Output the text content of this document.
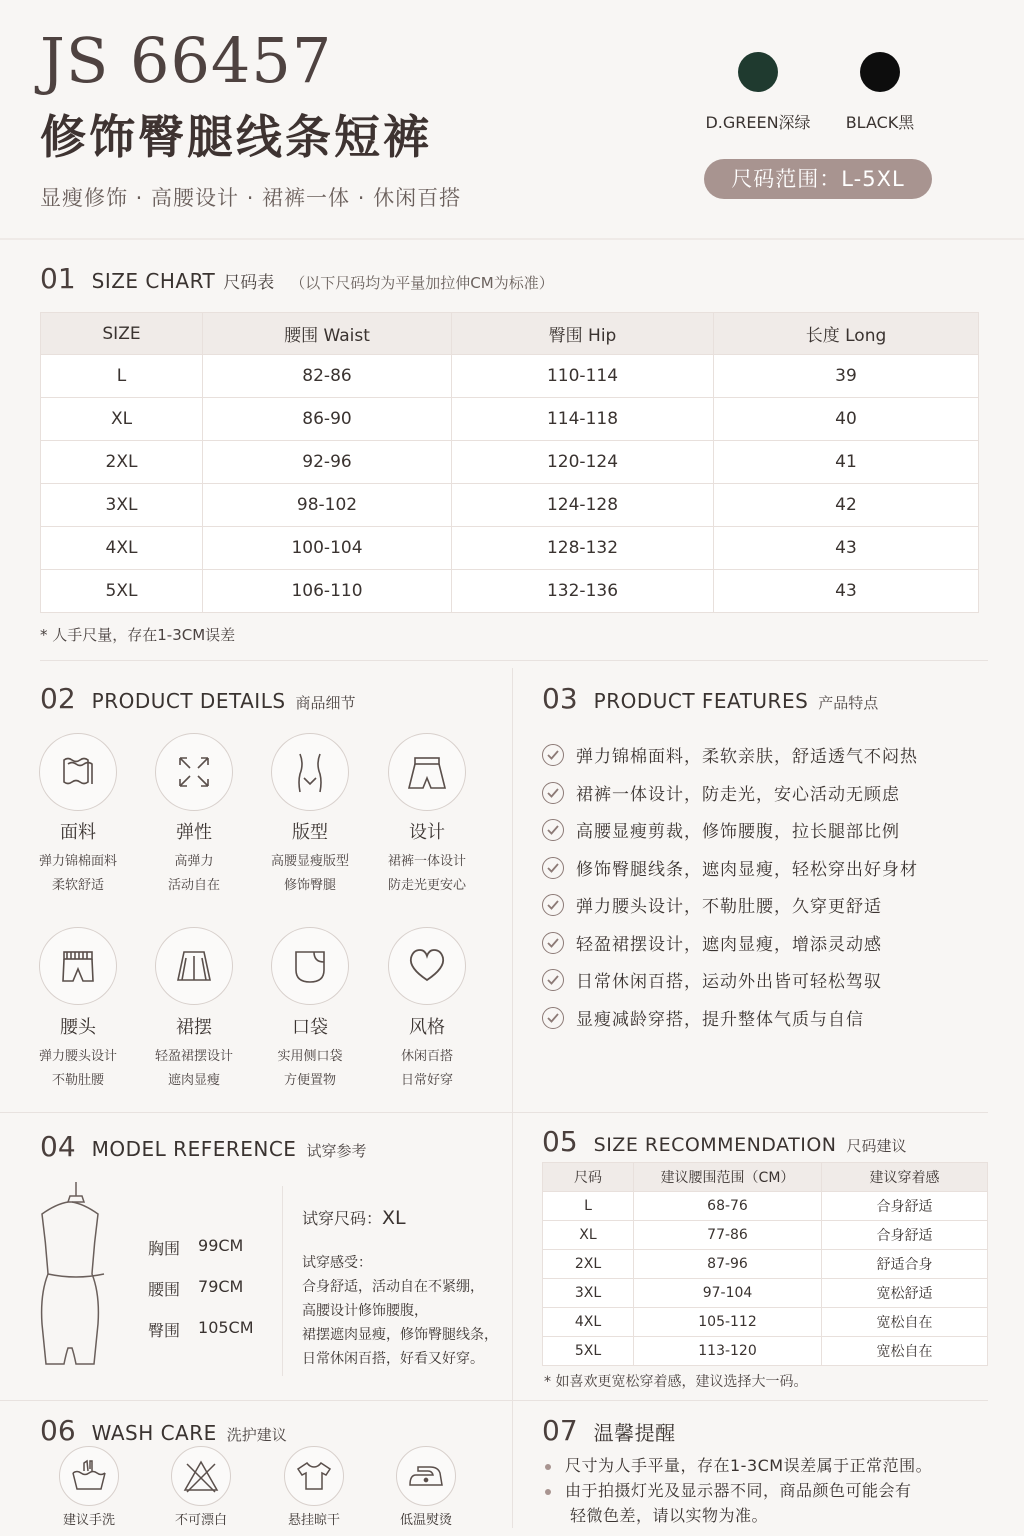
JS 66457
修饰臀腿线条短裤
显瘦修饰 · 高腰设计 · 裙裤一体 · 休闲百搭
D.GREEN深绿	BLACK黑
尺码范围：L-5XL
01 SIZE CHART 尺码表 （以下尺码均为平量加拉伸CM为标准）
SIZE	腰围 Waist	臀围 Hip	长度 Long
L	82-86	110-114	39
XL	86-90	114-118	40
2XL	92-96	120-124	41
3XL	98-102	124-128	42
4XL	100-104	128-132	43
5XL	106-110	132-136	43
* 人手尺量，存在1-3CM误差
02 PRODUCT DETAILS 商品细节
面料	弹性	版型	设计
弹力锦棉面料
柔软舒适
高弹力
活动自在
高腰显瘦版型
修饰臀腿
裙裤一体设计
防走光更安心
腰头	裙摆	口袋	风格
弹力腰头设计
不勒肚腰
轻盈裙摆设计
遮肉显瘦
实用侧口袋
方便置物
休闲百搭
日常好穿
03 PRODUCT FEATURES 产品特点
弹力锦棉面料，柔软亲肤，舒适透气不闷热
裙裤一体设计，防走光，安心活动无顾虑
高腰显瘦剪裁，修饰腰腹，拉长腿部比例
修饰臀腿线条，遮肉显瘦，轻松穿出好身材
弹力腰头设计，不勒肚腰，久穿更舒适
轻盈裙摆设计，遮肉显瘦，增添灵动感
日常休闲百搭，运动外出皆可轻松驾驭
显瘦减龄穿搭，提升整体气质与自信
04 MODEL REFERENCE 试穿参考
胸围 99CM
腰围 79CM
臀围 105CM
试穿尺码：XL
试穿感受：
合身舒适，活动自在不紧绷，
高腰设计修饰腰腹，
裙摆遮肉显瘦，修饰臀腿线条，
日常休闲百搭，好看又好穿。
05 SIZE RECOMMENDATION 尺码建议
尺码	建议腰围范围（CM）	建议穿着感
L	68-76	合身舒适
XL	77-86	合身舒适
2XL	87-96	舒适合身
3XL	97-104	宽松舒适
4XL	105-112	宽松自在
5XL	113-120	宽松自在
* 如喜欢更宽松穿着感，建议选择大一码。
06 WASH CARE 洗护建议
建议手洗	不可漂白	悬挂晾干	低温熨烫
07 温馨提醒
尺寸为人手平量，存在1-3CM误差属于正常范围。
由于拍摄灯光及显示器不同，商品颜色可能会有
轻微色差，请以实物为准。
